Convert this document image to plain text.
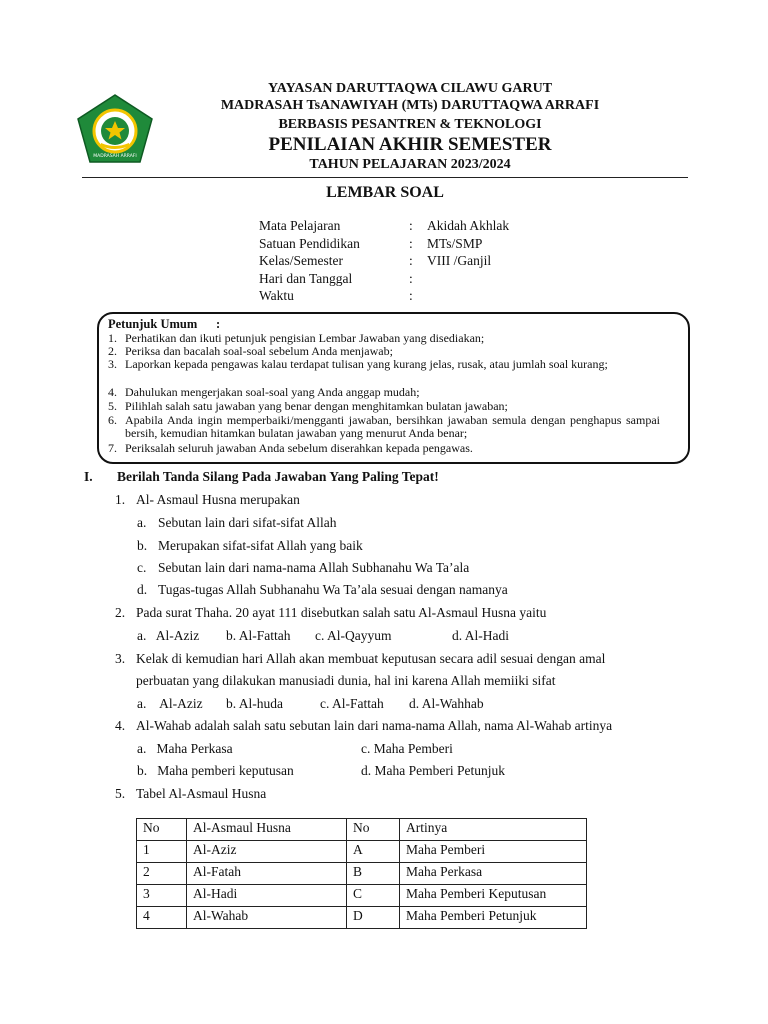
MADRASAH ARRAFI
YAYASAN DARUTTAQWA CILAWU GARUT
MADRASAH TsANAWIYAH (MTs) DARUTTAQWA ARRAFI
BERBASIS PESANTREN & TEKNOLOGI
PENILAIAN AKHIR SEMESTER
TAHUN PELAJARAN 2023/2024
LEMBAR SOAL
Mata Pelajaran	: Akidah Akhlak
Satuan Pendidikan	: MTs/SMP
Kelas/Semester	: VIII /Ganjil
Hari dan Tanggal	:
Waktu	:
Petunjuk Umum      :
1. Perhatikan dan ikuti petunjuk pengisian Lembar Jawaban yang disediakan;
2. Periksa dan bacalah soal-soal sebelum Anda menjawab;
3. Laporkan kepada pengawas kalau terdapat tulisan yang kurang jelas, rusak, atau jumlah soal kurang;
4. Dahulukan mengerjakan soal-soal yang Anda anggap mudah;
5. Pilihlah salah satu jawaban yang benar dengan menghitamkan bulatan jawaban;
6. Apabila Anda ingin memperbaiki/mengganti jawaban, bersihkan jawaban semula dengan penghapus sampai bersih, kemudian hitamkan bulatan jawaban yang menurut Anda benar;
7. Periksalah seluruh jawaban Anda sebelum diserahkan kepada pengawas.
I. Berilah Tanda Silang Pada Jawaban Yang Paling Tepat!
1. Al- Asmaul Husna merupakan
a. Sebutan lain dari sifat-sifat Allah
b. Merupakan sifat-sifat Allah yang baik
c. Sebutan lain dari nama-nama Allah Subhanahu Wa Ta’ala
d. Tugas-tugas Allah Subhanahu Wa Ta’ala sesuai dengan namanya
2. Pada surat Thaha. 20 ayat 111 disebutkan salah satu Al-Asmaul Husna yaitu
a.   Al-Aziz b. Al-Fattah c. Al-Qayyum	d. Al-Hadi
3. Kelak di kemudian hari Allah akan membuat keputusan secara adil sesuai dengan amal
perbuatan yang dilakukan manusiadi dunia, hal ini karena Allah memiiki sifat
a.    Al-Aziz b. Al-huda	c. Al-Fattah d. Al-Wahhab
4. Al-Wahab adalah salah satu sebutan lain dari nama-nama Allah, nama Al-Wahab artinya
a.   Maha Perkasa	c. Maha Pemberi
b.   Maha pemberi keputusan	d. Maha Pemberi Petunjuk
5. Tabel Al-Asmaul Husna
No	Al-Asmaul Husna	No	Artinya
1	Al-Aziz	A	Maha Pemberi
2	Al-Fatah	B	Maha Perkasa
3	Al-Hadi	C	Maha Pemberi Keputusan
4	Al-Wahab	D	Maha Pemberi Petunjuk
